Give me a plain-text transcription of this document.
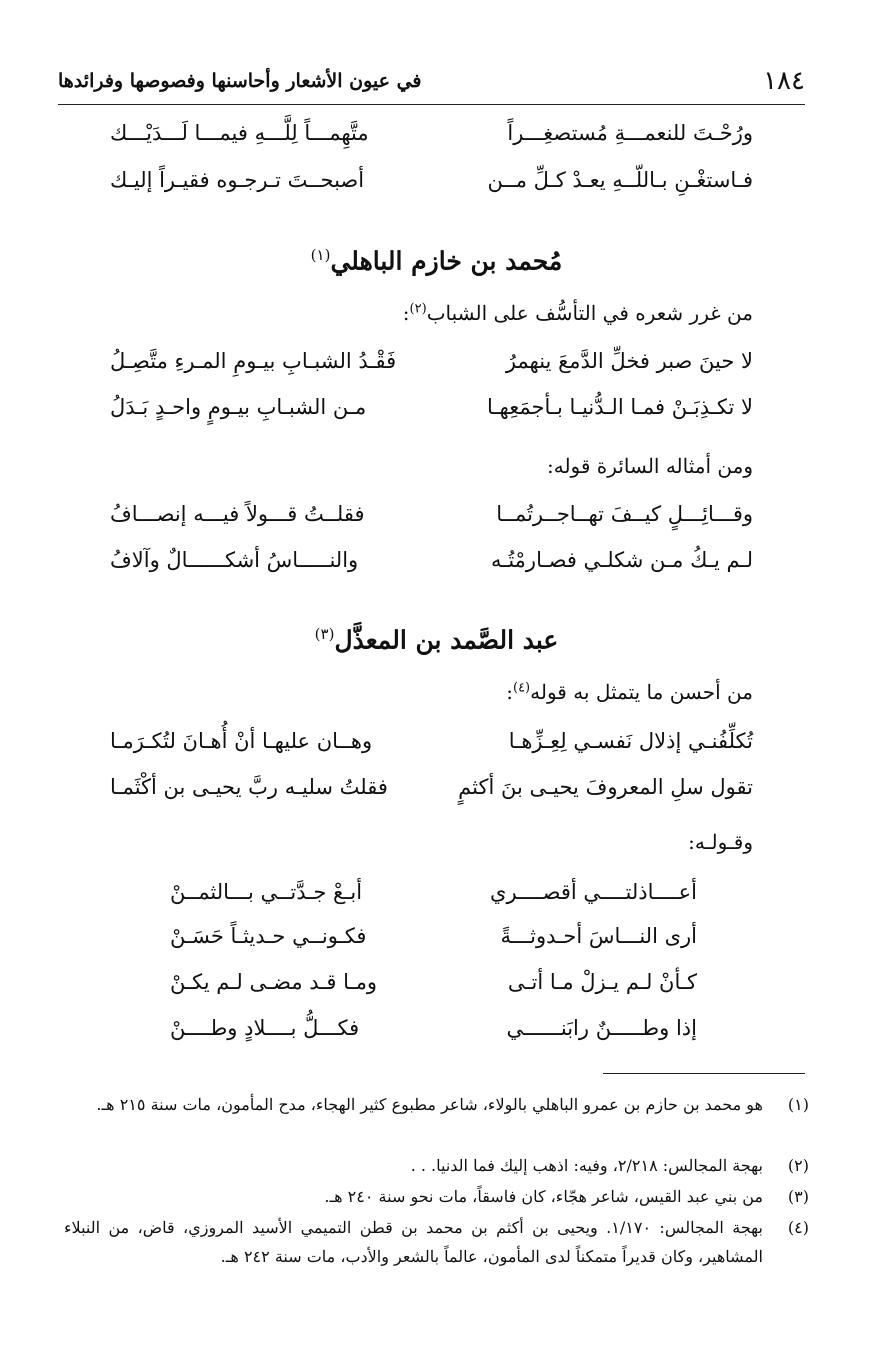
١٨٤
في عيون الأشعار وأحاسنها وفصوصها وفرائدها
ورُحْـتَ للنعمـــةِ مُستصغِـــراً
متَّهِمـــاً لِلَّـــهِ فيمـــا لَـــدَيْـــك
فـاستغْـنِ بـاللّــهِ يعـدْ كـلِّ مــن
أصبحــتَ تـرجـوه فقيـراً إليـك
مُحمد بن خازم الباهلي$^{(١)}$
من غرر شعره في التأسُّف على الشباب$^{(٢)}$:
لا حينَ صبر فخلِّ الدَّمعَ ينهمرُ
فَقْـدُ الشبـابِ بيـومِ المـرءِ متَّصِـلُ
لا تكـذِبَـنْ فمـا الـدُّنيـا بـأجمَعِهـا
مـن الشبـابِ بيـومٍ واحـدٍ بَـدَلُ
ومن أمثاله السائرة قوله:
وقـــائِـــلٍ كيــفَ تهــاجــرتُمــا
فقلــتُ قـــولاً فيـــه إنصـــافُ
لـم يـكُ مـن شكلـي فصـارمْتُـه
والنـــــاسُ أشكــــــالٌ وآلافُ
عبد الصَّمد بن المعذَّل$^{(٣)}$
من أحسن ما يتمثل به قوله$^{(٤)}$:
تُكلِّفُنـي إذلال نَفسـي لِعِـزِّهـا
وهــان عليهـا أنْ أُهـانَ لتُكـرَمـا
تقول سلِ المعروفَ يحيـى بنَ أكثمٍ
فقلتُ سليـه ربَّ يحيـى بن أكْثَمـا
وقـولـه:
أعــــاذلتــــي أقصــــري
أبـعْ جـدَّتــي بـــالثمــنْ
أرى النـــاسَ أحـدوثـــةً
فكـونــي حـديثـاً حَسَـنْ
كـأنْ لـم يـزلْ مـا أتـى
ومـا قـد مضـى لـم يكـنْ
إذا وطـــــنٌ رابَنــــــي
فكـــلُّ بــــلادٍ وطــــنْ
(١)
هو محمد بن حازم بن عمرو الباهلي بالولاء، شاعر مطبوع كثير الهجاء، مدح المأمون، مات سنة ٢١٥ هـ.
(٢)
بهجة المجالس: ٢/٢١٨، وفيه: اذهب إليك فما الدنيا. . .
(٣)
من بني عبد القيس، شاعر هجّاء، كان فاسقاً، مات نحو سنة ٢٤٠ هـ.
(٤)
بهجة المجالس: ١/١٧٠. ويحيى بن أكثم بن محمد بن قطن التميمي الأسيد المروزي، قاض، من النبلاء المشاهير، وكان قديراً متمكناً لدى المأمون، عالماً بالشعر والأدب، مات سنة ٢٤٢ هـ.
